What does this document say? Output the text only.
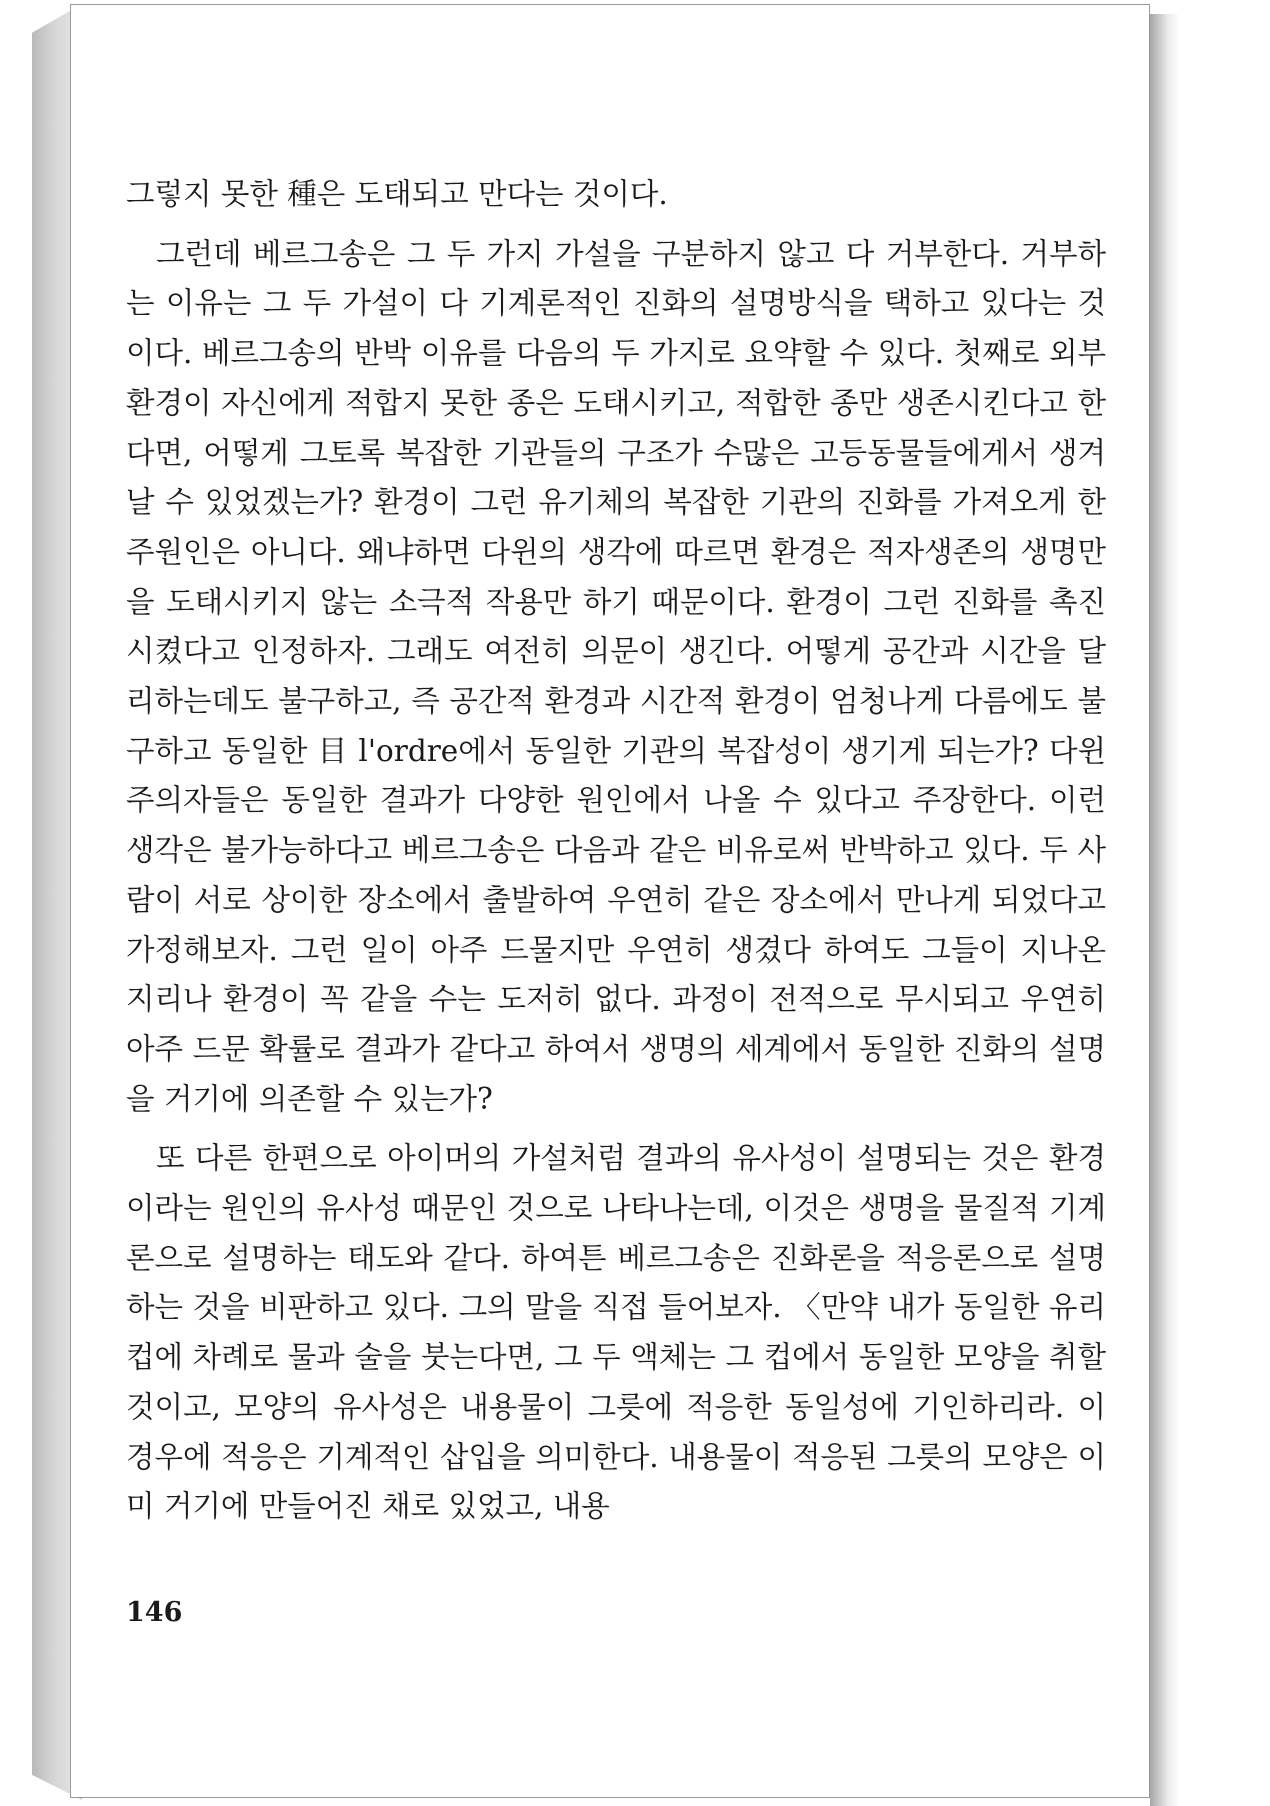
그렇지 못한 種은 도태되고 만다는 것이다.

그런데 베르그송은 그 두 가지 가설을 구분하지 않고 다 거부한다. 거부하는 이유는 그 두 가설이 다 기계론적인 진화의 설명방식을 택하고 있다는 것이다. 베르그송의 반박 이유를 다음의 두 가지로 요약할 수 있다. 첫째로 외부환경이 자신에게 적합지 못한 종은 도태시키고, 적합한 종만 생존시킨다고 한다면, 어떻게 그토록 복잡한 기관들의 구조가 수많은 고등동물들에게서 생겨날 수 있었겠는가? 환경이 그런 유기체의 복잡한 기관의 진화를 가져오게 한 주원인은 아니다. 왜냐하면 다윈의 생각에 따르면 환경은 적자생존의 생명만을 도태시키지 않는 소극적 작용만 하기 때문이다. 환경이 그런 진화를 촉진시켰다고 인정하자. 그래도 여전히 의문이 생긴다. 어떻게 공간과 시간을 달리하는데도 불구하고, 즉 공간적 환경과 시간적 환경이 엄청나게 다름에도 불구하고 동일한 目 l'ordre에서 동일한 기관의 복잡성이 생기게 되는가? 다윈주의자들은 동일한 결과가 다양한 원인에서 나올 수 있다고 주장한다. 이런 생각은 불가능하다고 베르그송은 다음과 같은 비유로써 반박하고 있다. 두 사람이 서로 상이한 장소에서 출발하여 우연히 같은 장소에서 만나게 되었다고 가정해보자. 그런 일이 아주 드물지만 우연히 생겼다 하여도 그들이 지나온 지리나 환경이 꼭 같을 수는 도저히 없다. 과정이 전적으로 무시되고 우연히 아주 드문 확률로 결과가 같다고 하여서 생명의 세계에서 동일한 진화의 설명을 거기에 의존할 수 있는가?

또 다른 한편으로 아이머의 가설처럼 결과의 유사성이 설명되는 것은 환경이라는 원인의 유사성 때문인 것으로 나타나는데, 이것은 생명을 물질적 기계론으로 설명하는 태도와 같다. 하여튼 베르그송은 진화론을 적응론으로 설명하는 것을 비판하고 있다. 그의 말을 직접 들어보자. 〈만약 내가 동일한 유리컵에 차례로 물과 술을 붓는다면, 그 두 액체는 그 컵에서 동일한 모양을 취할 것이고, 모양의 유사성은 내용물이 그릇에 적응한 동일성에 기인하리라. 이 경우에 적응은 기계적인 삽입을 의미한다. 내용물이 적응된 그릇의 모양은 이미 거기에 만들어진 채로 있었고, 내용

146
